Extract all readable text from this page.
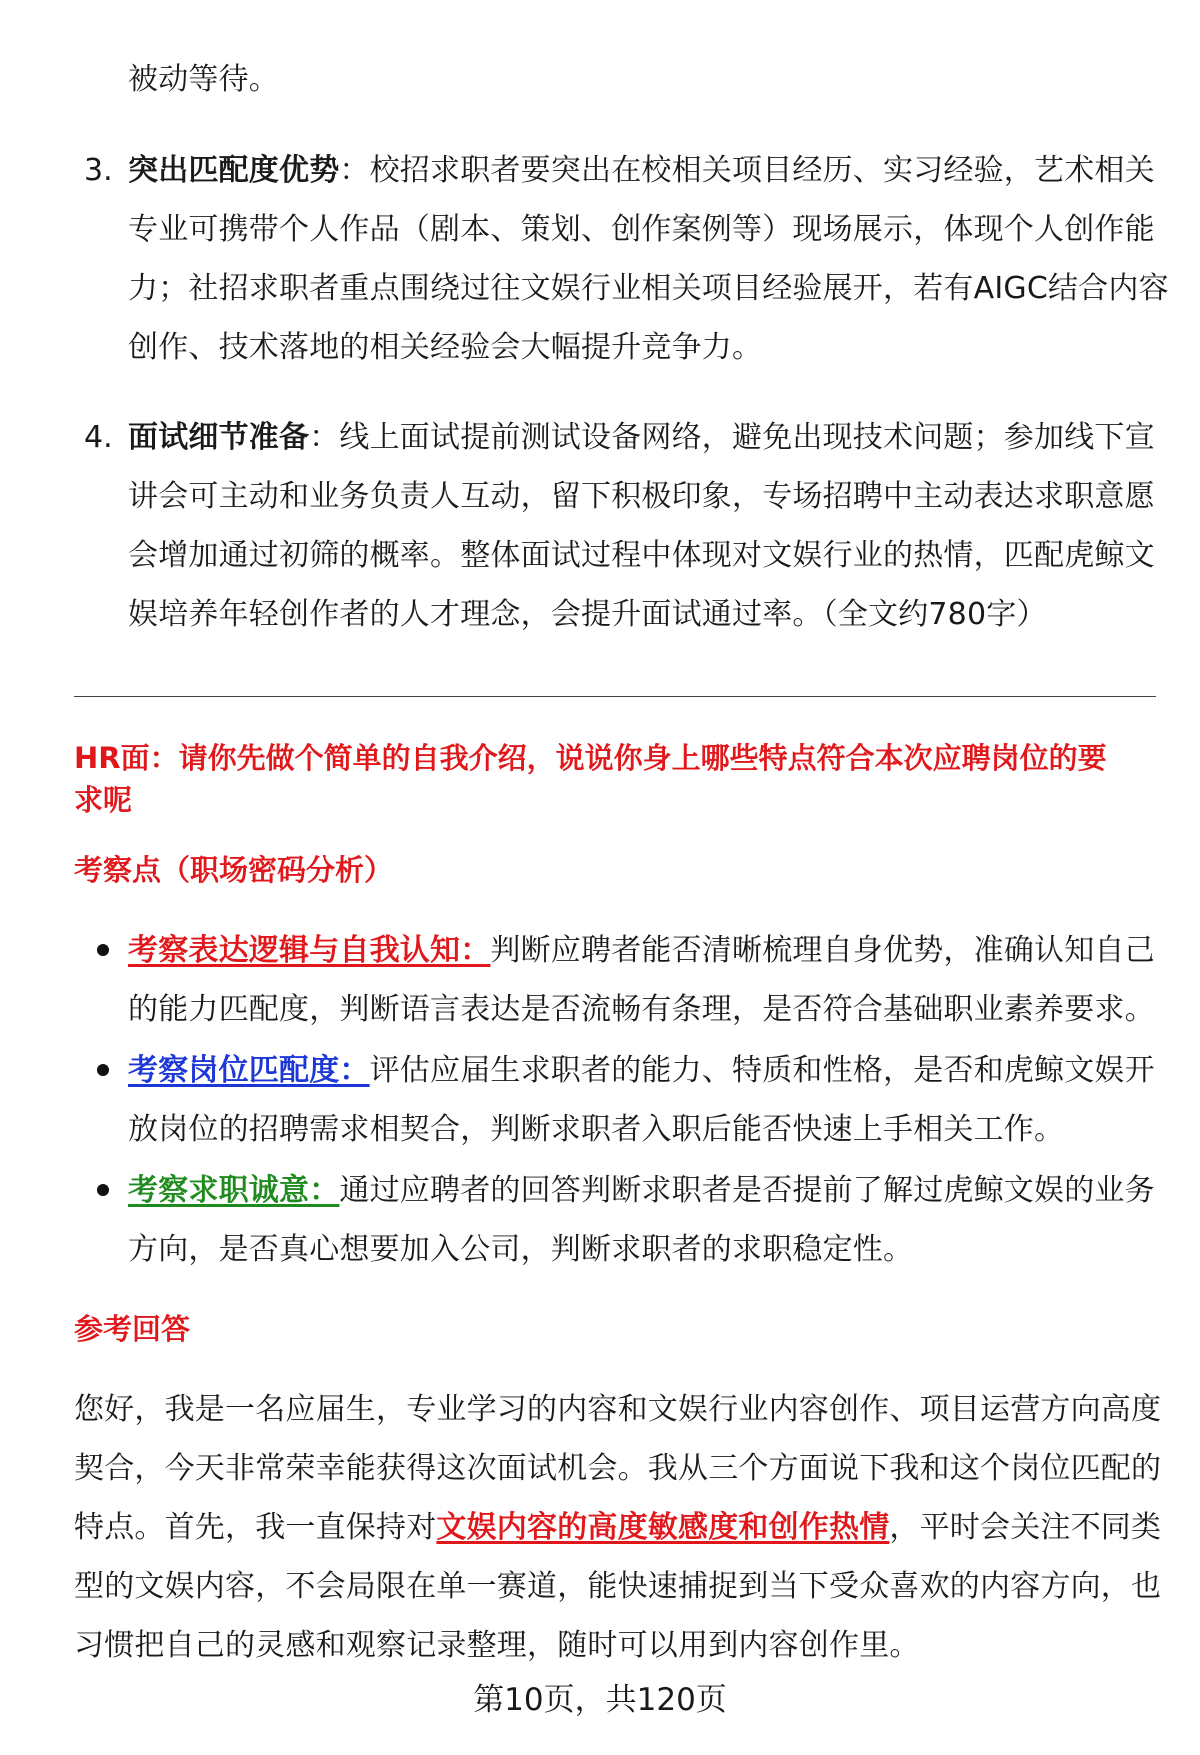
被动等待。
3. 突出匹配度优势：校招求职者要突出在校相关项目经历、实习经验，艺术相关
专业可携带个人作品（剧本、策划、创作案例等）现场展示，体现个人创作能
力；社招求职者重点围绕过往文娱行业相关项目经验展开，若有AIGC结合内容
创作、技术落地的相关经验会大幅提升竞争力。
4. 面试细节准备：线上面试提前测试设备网络，避免出现技术问题；参加线下宣
讲会可主动和业务负责人互动，留下积极印象，专场招聘中主动表达求职意愿
会增加通过初筛的概率。整体面试过程中体现对文娱行业的热情，匹配虎鲸文
娱培养年轻创作者的人才理念，会提升面试通过率。（全文约780字）
HR面：请你先做个简单的自我介绍，说说你身上哪些特点符合本次应聘岗位的要
求呢
考察点（职场密码分析）
考察表达逻辑与自我认知：判断应聘者能否清晰梳理自身优势，准确认知自己
的能力匹配度，判断语言表达是否流畅有条理，是否符合基础职业素养要求。
考察岗位匹配度：评估应届生求职者的能力、特质和性格，是否和虎鲸文娱开
放岗位的招聘需求相契合，判断求职者入职后能否快速上手相关工作。
考察求职诚意：通过应聘者的回答判断求职者是否提前了解过虎鲸文娱的业务
方向，是否真心想要加入公司，判断求职者的求职稳定性。
参考回答
您好，我是一名应届生，专业学习的内容和文娱行业内容创作、项目运营方向高度
契合，今天非常荣幸能获得这次面试机会。我从三个方面说下我和这个岗位匹配的
特点。首先，我一直保持对文娱内容的高度敏感度和创作热情，平时会关注不同类
型的文娱内容，不会局限在单一赛道，能快速捕捉到当下受众喜欢的内容方向，也
习惯把自己的灵感和观察记录整理，随时可以用到内容创作里。
第10页，共120页
